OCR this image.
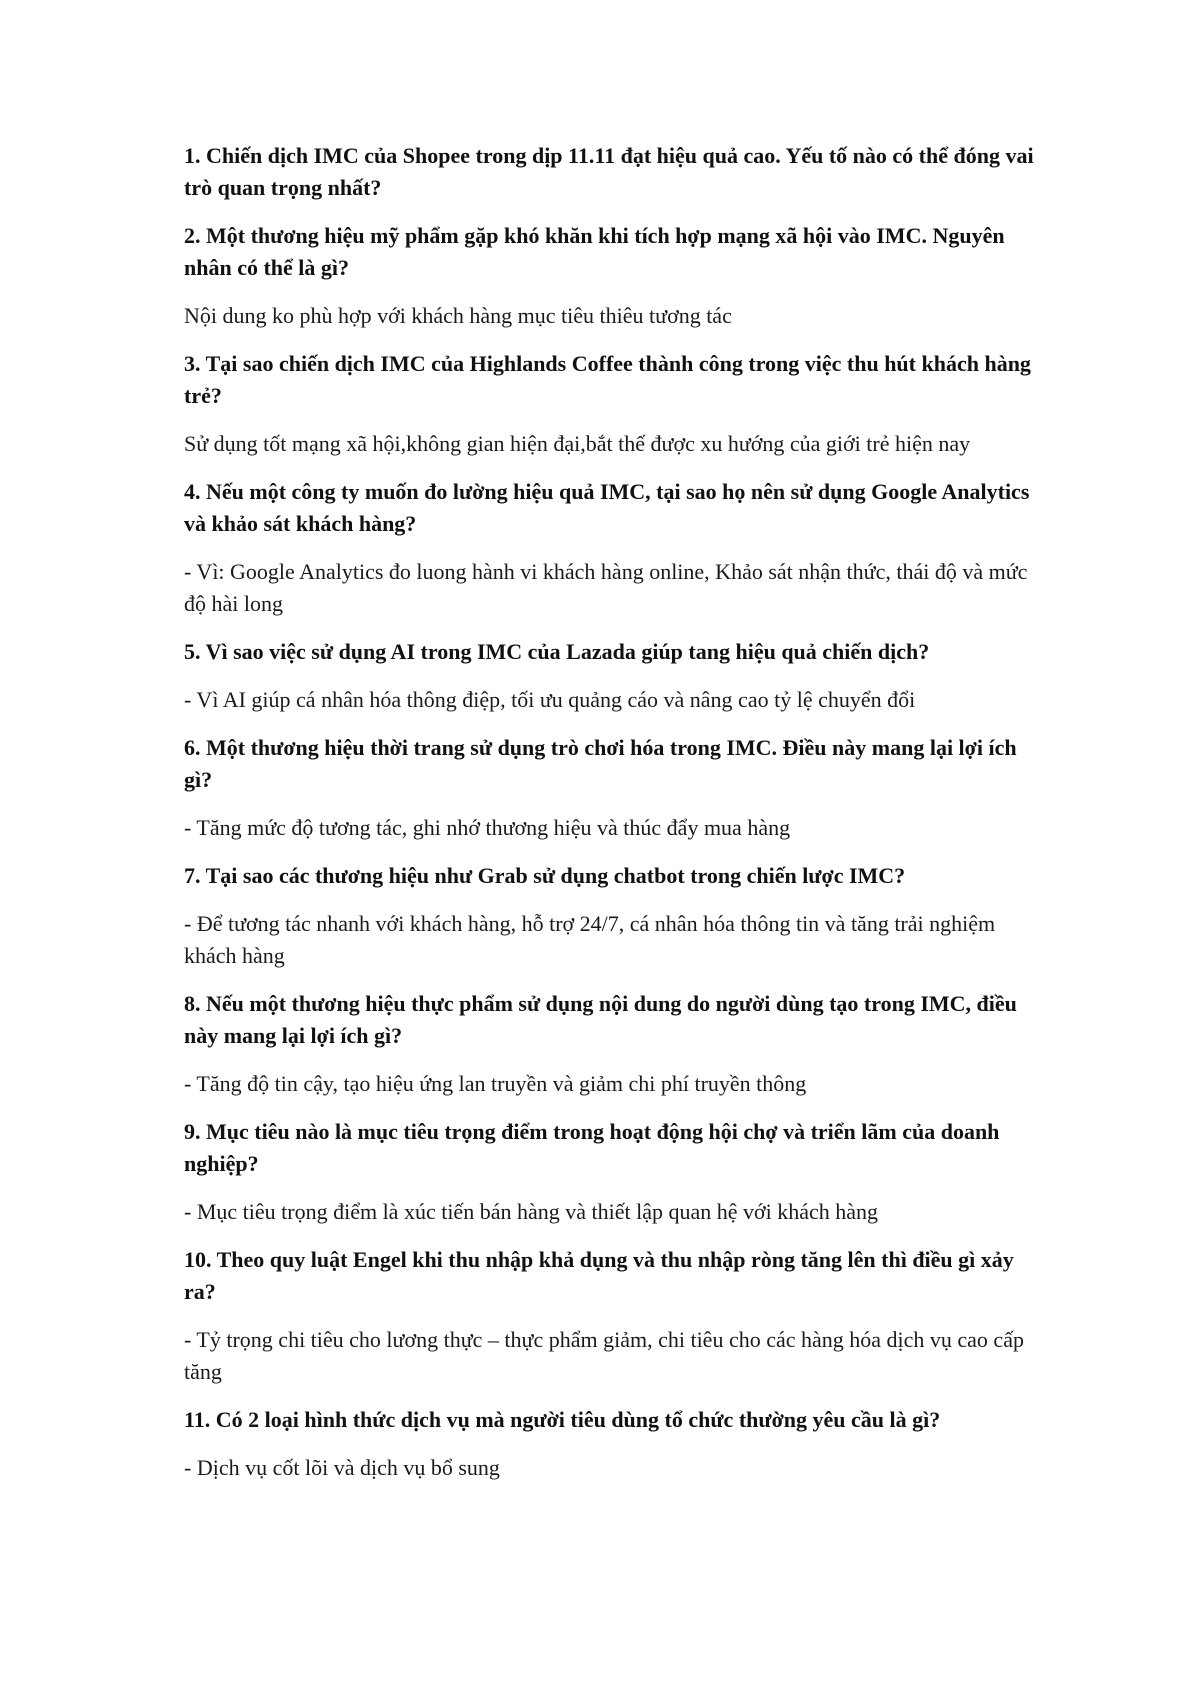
1. Chiến dịch IMC của Shopee trong dịp 11.11 đạt hiệu quả cao. Yếu tố nào có thể đóng vai trò quan trọng nhất?

2. Một thương hiệu mỹ phẩm gặp khó khăn khi tích hợp mạng xã hội vào IMC. Nguyên nhân có thể là gì?

Nội dung ko phù hợp với khách hàng mục tiêu thiêu tương tác

3. Tại sao chiến dịch IMC của Highlands Coffee thành công trong việc thu hút khách hàng trẻ?

Sử dụng tốt mạng xã hội,không gian hiện đại,bắt thế được xu hướng của giới trẻ hiện nay

4. Nếu một công ty muốn đo lường hiệu quả IMC, tại sao họ nên sử dụng Google Analytics và khảo sát khách hàng?

- Vì: Google Analytics đo luong hành vi khách hàng online, Khảo sát nhận thức, thái độ và mức độ hài long

5. Vì sao việc sử dụng AI trong IMC của Lazada giúp tang hiệu quả chiến dịch?

- Vì AI giúp cá nhân hóa thông điệp, tối ưu quảng cáo và nâng cao tỷ lệ chuyển đổi

6. Một thương hiệu thời trang sử dụng trò chơi hóa trong IMC. Điều này mang lại lợi ích gì?

- Tăng mức độ tương tác, ghi nhớ thương hiệu và thúc đẩy mua hàng

7. Tại sao các thương hiệu như Grab sử dụng chatbot trong chiến lược IMC?

- Để tương tác nhanh với khách hàng, hỗ trợ 24/7, cá nhân hóa thông tin và tăng trải nghiệm khách hàng

8. Nếu một thương hiệu thực phẩm sử dụng nội dung do người dùng tạo trong IMC, điều này mang lại lợi ích gì?

- Tăng độ tin cậy, tạo hiệu ứng lan truyền và giảm chi phí truyền thông

9. Mục tiêu nào là mục tiêu trọng điểm trong hoạt động hội chợ và triển lãm của doanh nghiệp?

- Mục tiêu trọng điểm là xúc tiến bán hàng và thiết lập quan hệ với khách hàng

10. Theo quy luật Engel khi thu nhập khả dụng và thu nhập ròng tăng lên thì điều gì xảy ra?

- Tỷ trọng chi tiêu cho lương thực – thực phẩm giảm, chi tiêu cho các hàng hóa dịch vụ cao cấp tăng

11. Có 2 loại hình thức dịch vụ mà người tiêu dùng tổ chức thường yêu cầu là gì?

- Dịch vụ cốt lõi và dịch vụ bổ sung
